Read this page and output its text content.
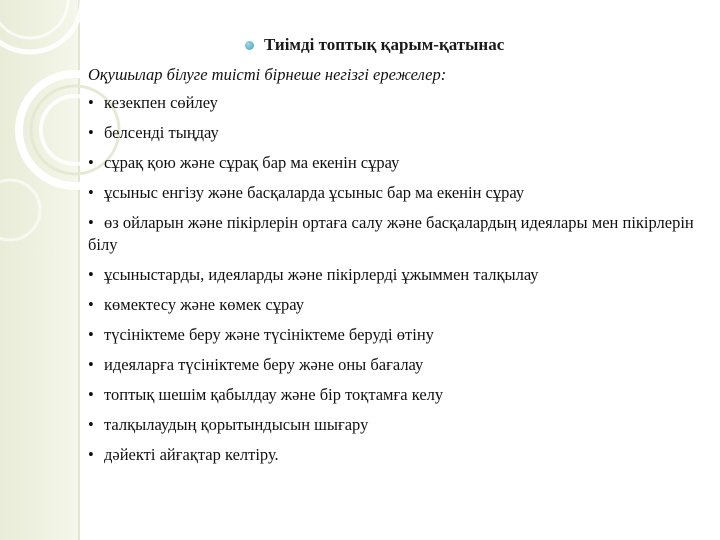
Тиімді топтық қарым-қатынас
Оқушылар білуге тиісті бірнеше негізгі ережелер:
• кезекпен сөйлеу
• белсенді тыңдау
• сұрақ қою және сұрақ бар ма екенін сұрау
• ұсыныс енгізу және басқаларда ұсыныс бар ма екенін сұрау
• өз ойларын және пікірлерін ортаға салу және басқалардың идеялары мен пікірлерін білу
• ұсыныстарды, идеяларды және пікірлерді ұжыммен талқылау
• көмектесу және көмек сұрау
• түсініктеме беру және түсініктеме беруді өтіну
• идеяларға түсініктеме беру және оны бағалау
• топтық шешім қабылдау және бір тоқтамға келу
• талқылаудың қорытындысын шығару
• дәйекті айғақтар келтіру.
